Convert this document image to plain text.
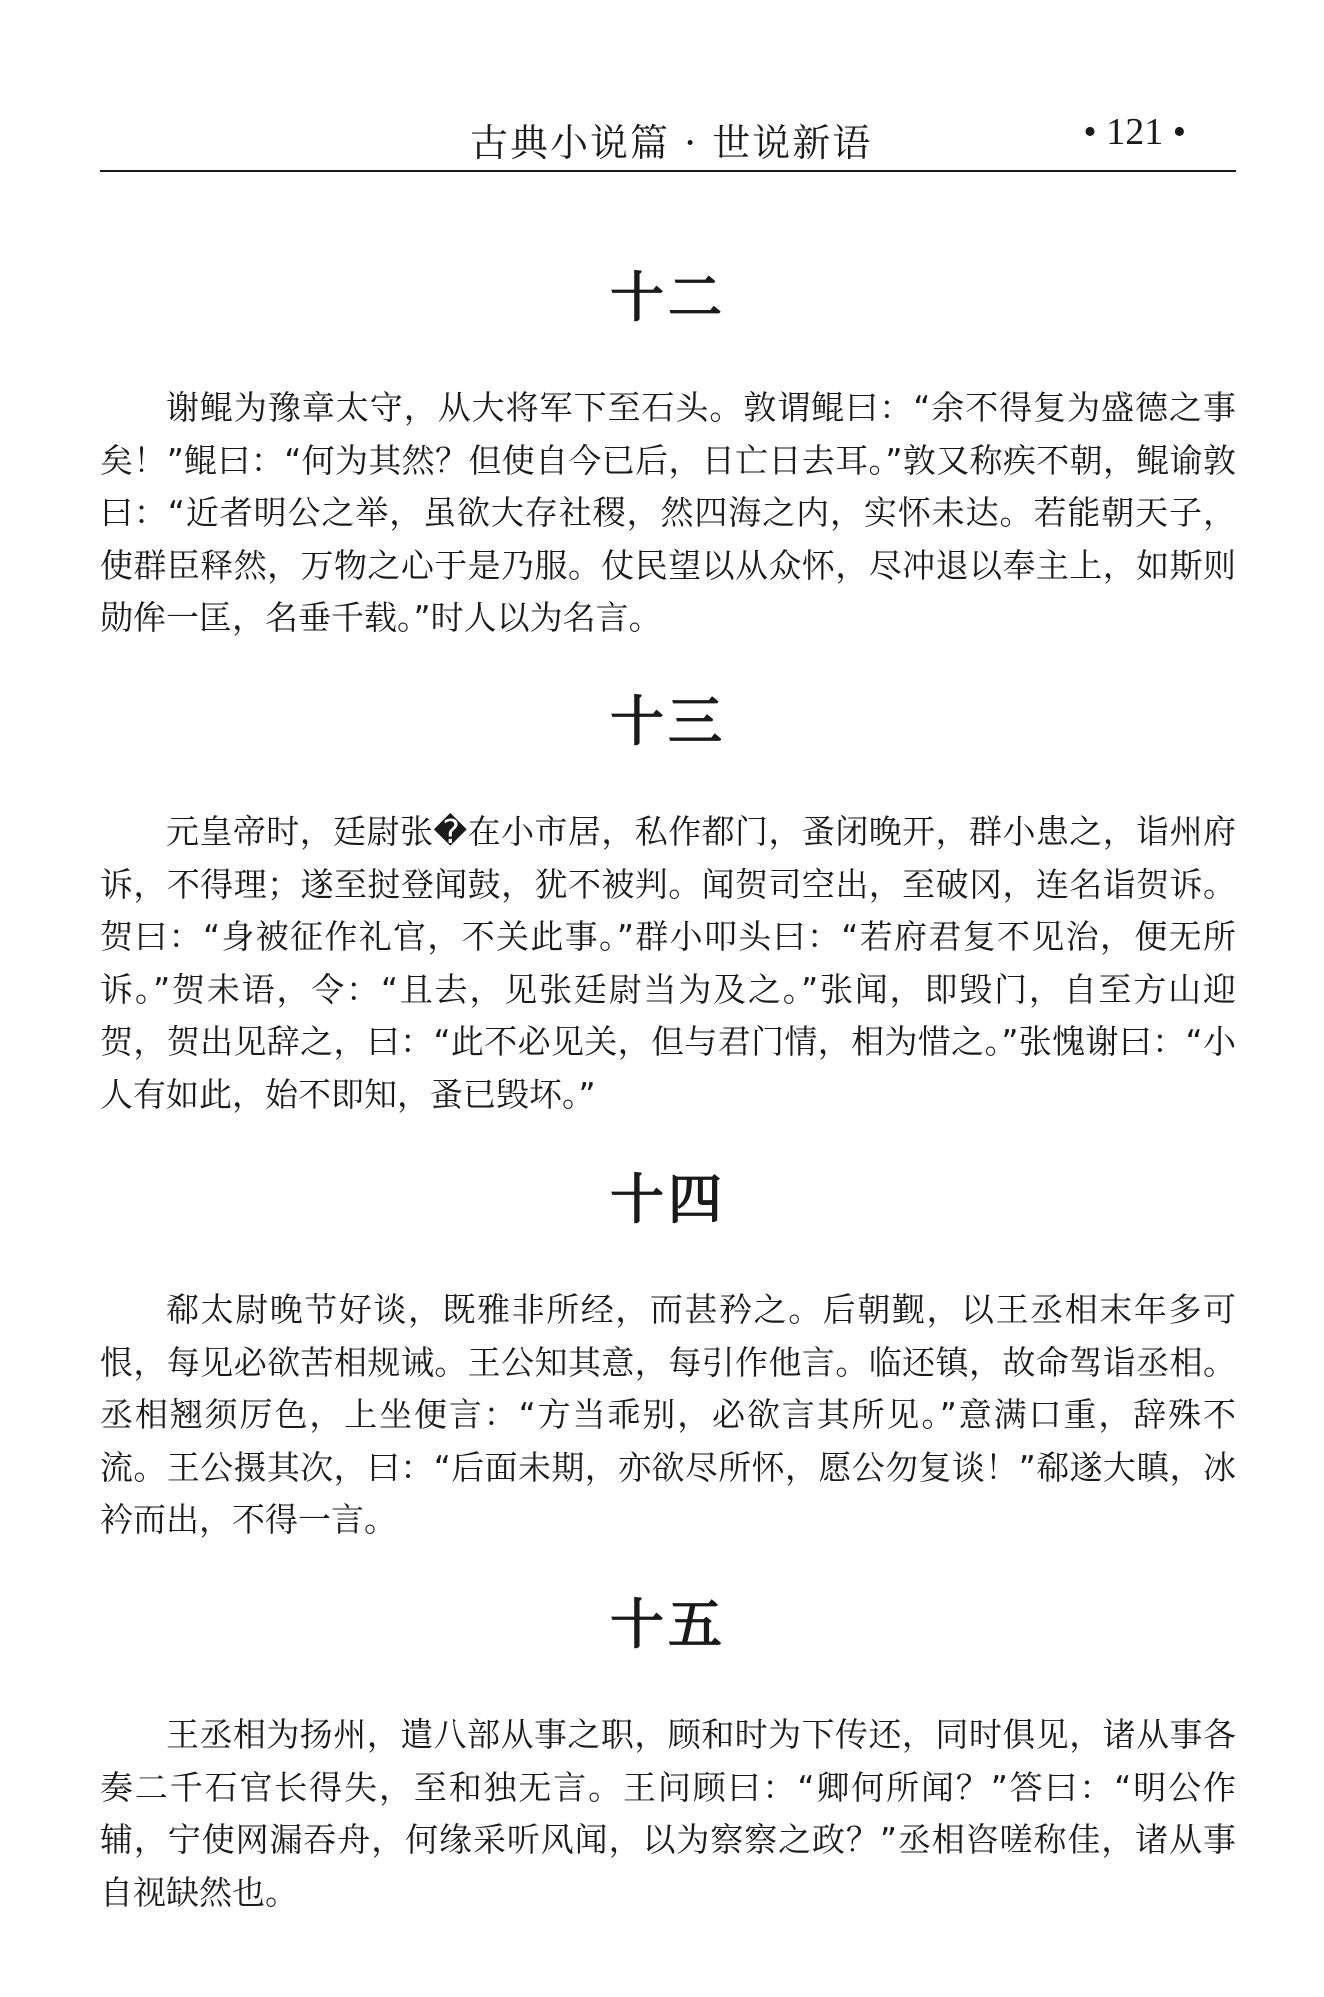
古典小说篇 · 世说新语	• 121 •
十二

谢鲲为豫章太守，从大将军下至石头。敦谓鲲曰：“余不得复为盛德之事矣！”鲲曰：“何为其然？但使自今已后，日亡日去耳。”敦又称疾不朝，鲲谕敦曰：“近者明公之举，虽欲大存社稷，然四海之内，实怀未达。若能朝天子，使群臣释然，万物之心于是乃服。仗民望以从众怀，尽冲退以奉主上，如斯则勋侔一匡，名垂千载。”时人以为名言。

十三

元皇帝时，廷尉张�在小市居，私作都门，蚤闭晚开，群小患之，诣州府诉，不得理；遂至挝登闻鼓，犹不被判。闻贺司空出，至破冈，连名诣贺诉。贺曰：“身被征作礼官，不关此事。”群小叩头曰：“若府君复不见治，便无所诉。”贺未语，令：“且去，见张廷尉当为及之。”张闻，即毁门，自至方山迎贺，贺出见辞之，曰：“此不必见关，但与君门情，相为惜之。”张愧谢曰：“小人有如此，始不即知，蚤已毁坏。”

十四

郗太尉晚节好谈，既雅非所经，而甚矜之。后朝觐，以王丞相末年多可恨，每见必欲苦相规诫。王公知其意，每引作他言。临还镇，故命驾诣丞相。丞相翘须厉色，上坐便言：“方当乖别，必欲言其所见。”意满口重，辞殊不流。王公摄其次，曰：“后面未期，亦欲尽所怀，愿公勿复谈！”郗遂大瞋，冰衿而出，不得一言。

十五

王丞相为扬州，遣八部从事之职，顾和时为下传还，同时俱见，诸从事各奏二千石官长得失，至和独无言。王问顾曰：“卿何所闻？”答曰：“明公作辅，宁使网漏吞舟，何缘采听风闻，以为察察之政？”丞相咨嗟称佳，诸从事自视缺然也。
